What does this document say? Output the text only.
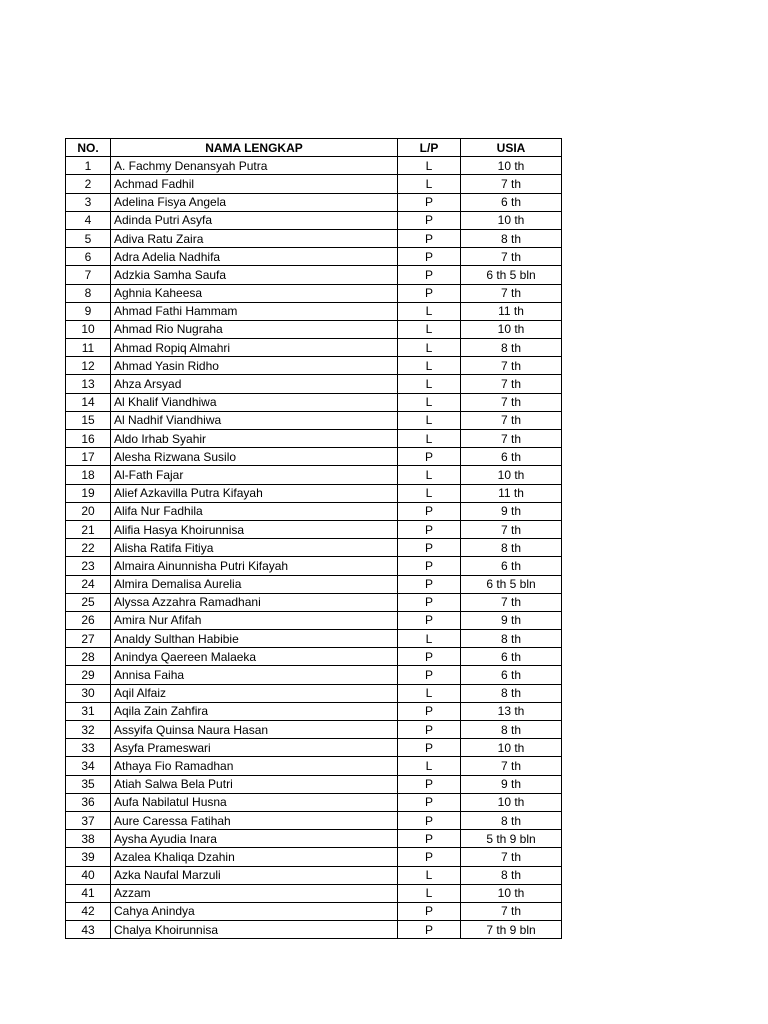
NO.	NAMA LENGKAP	L/P	USIA
1	A. Fachmy Denansyah Putra	L	10 th
2	Achmad Fadhil	L	7 th
3	Adelina Fisya Angela	P	6 th
4	Adinda Putri Asyfa	P	10 th
5	Adiva Ratu Zaira	P	8 th
6	Adra Adelia Nadhifa	P	7 th
7	Adzkia Samha Saufa	P	6 th 5 bln
8	Aghnia Kaheesa	P	7 th
9	Ahmad Fathi Hammam	L	11 th
10	Ahmad Rio Nugraha	L	10 th
11	Ahmad Ropiq Almahri	L	8 th
12	Ahmad Yasin Ridho	L	7 th
13	Ahza Arsyad	L	7 th
14	Al Khalif Viandhiwa	L	7 th
15	Al Nadhif Viandhiwa	L	7 th
16	Aldo Irhab Syahir	L	7 th
17	Alesha Rizwana Susilo	P	6 th
18	Al-Fath Fajar	L	10 th
19	Alief Azkavilla Putra Kifayah	L	11 th
20	Alifa Nur Fadhila	P	9 th
21	Alifia Hasya Khoirunnisa	P	7 th
22	Alisha Ratifa Fitiya	P	8 th
23	Almaira Ainunnisha Putri Kifayah	P	6 th
24	Almira Demalisa Aurelia	P	6 th 5 bln
25	Alyssa Azzahra Ramadhani	P	7 th
26	Amira Nur Afifah	P	9 th
27	Analdy Sulthan Habibie	L	8 th
28	Anindya Qaereen Malaeka	P	6 th
29	Annisa Faiha	P	6 th
30	Aqil Alfaiz	L	8 th
31	Aqila Zain Zahfira	P	13 th
32	Assyifa Quinsa Naura Hasan	P	8 th
33	Asyfa Prameswari	P	10 th
34	Athaya Fio Ramadhan	L	7 th
35	Atiah Salwa Bela Putri	P	9 th
36	Aufa Nabilatul Husna	P	10 th
37	Aure Caressa Fatihah	P	8 th
38	Aysha Ayudia Inara	P	5 th 9 bln
39	Azalea Khaliqa Dzahin	P	7 th
40	Azka Naufal Marzuli	L	8 th
41	Azzam	L	10 th
42	Cahya Anindya	P	7 th
43	Chalya Khoirunnisa	P	7 th 9 bln
